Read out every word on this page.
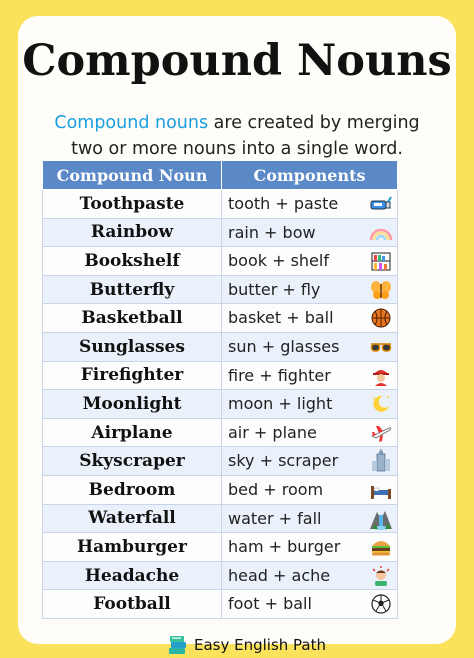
Compound Nouns
Compound nouns are created by merging two or more nouns into a single word.
Compound Noun	Components
Toothpaste	tooth + paste

Rainbow	rain + bow

Bookshelf	book + shelf

Butterfly	butter + fly

Basketball	basket + ball

Sunglasses	sun + glasses

Firefighter	fire + fighter

Moonlight	moon + light

Airplane	air + plane

Skyscraper	sky + scraper

Bedroom	bed + room

Waterfall	water + fall

Hamburger	ham + burger

Headache	head + ache

Football	foot + ball
Easy English Path
